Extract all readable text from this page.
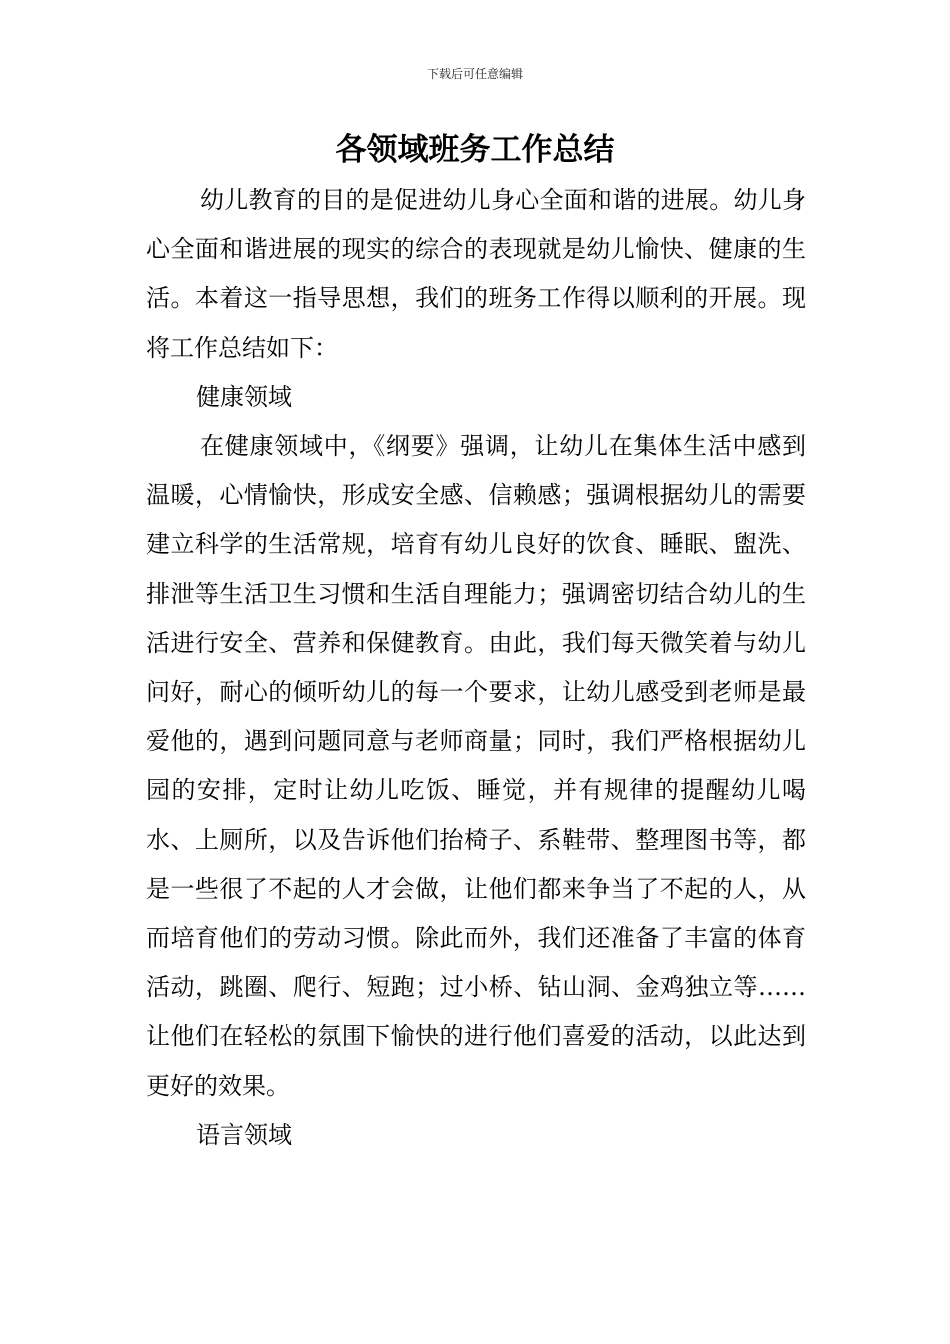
下载后可任意编辑
各领域班务工作总结

幼儿教育的目的是促进幼儿身心全面和谐的进展。幼儿身心全面和谐进展的现实的综合的表现就是幼儿愉快、健康的生活。本着这一指导思想，我们的班务工作得以顺利的开展。现将工作总结如下：

健康领域

在健康领域中，《纲要》强调，让幼儿在集体生活中感到温暖，心情愉快，形成安全感、信赖感；强调根据幼儿的需要建立科学的生活常规，培育有幼儿良好的饮食、睡眠、盥洗、排泄等生活卫生习惯和生活自理能力；强调密切结合幼儿的生活进行安全、营养和保健教育。由此，我们每天微笑着与幼儿问好，耐心的倾听幼儿的每一个要求，让幼儿感受到老师是最爱他的，遇到问题同意与老师商量；同时，我们严格根据幼儿园的安排，定时让幼儿吃饭、睡觉，并有规律的提醒幼儿喝水、上厕所，以及告诉他们抬椅子、系鞋带、整理图书等，都是一些很了不起的人才会做，让他们都来争当了不起的人，从而培育他们的劳动习惯。除此而外，我们还准备了丰富的体育活动，跳圈、爬行、短跑；过小桥、钻山洞、金鸡独立等……让他们在轻松的氛围下愉快的进行他们喜爱的活动，以此达到更好的效果。

语言领域
